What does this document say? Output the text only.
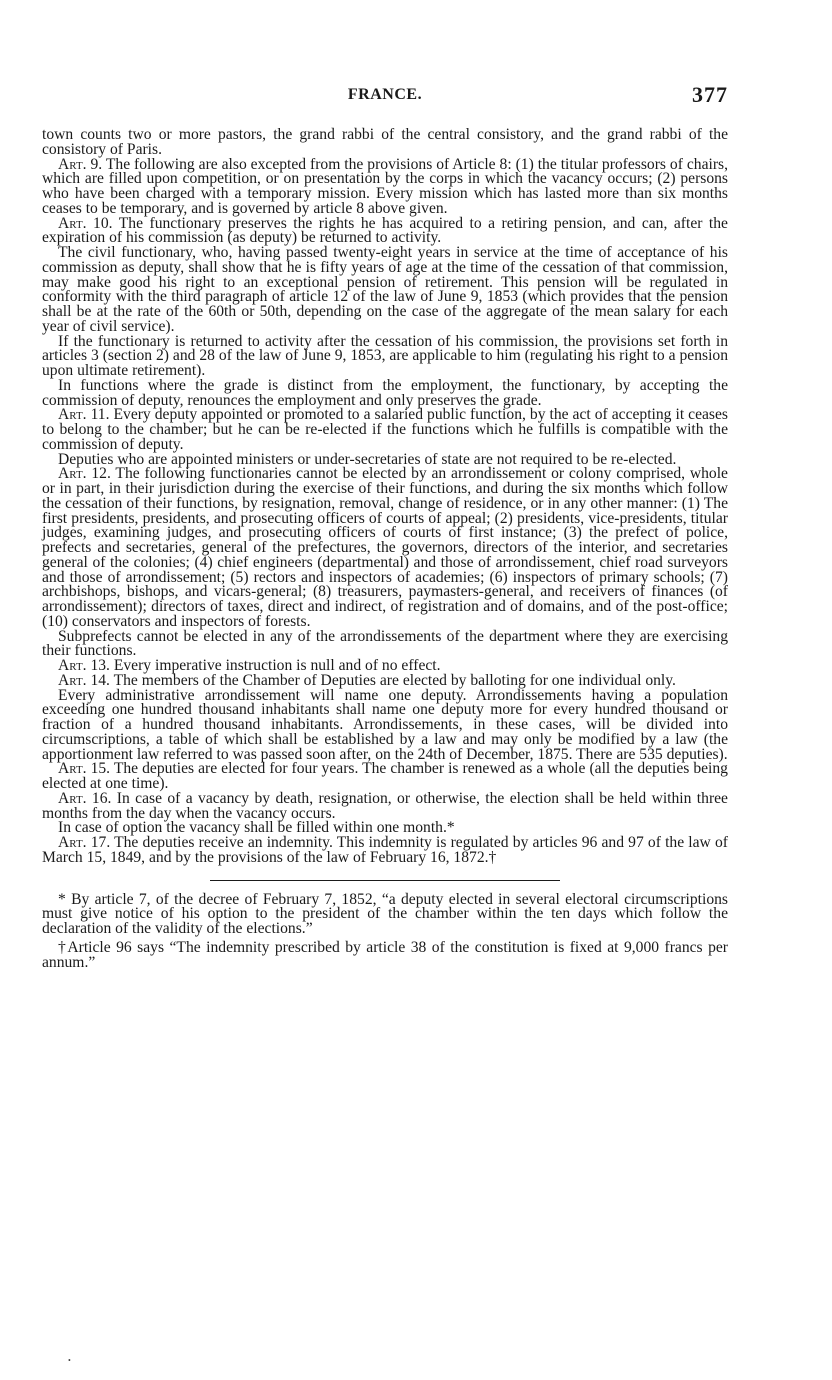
FRANCE.	377

town counts two or more pastors, the grand rabbi of the central consistory, and the grand rabbi of the consistory of Paris.

Art. 9. The following are also excepted from the provisions of Article 8: (1) the titular professors of chairs, which are filled upon competition, or on presentation by the corps in which the vacancy occurs; (2) persons who have been charged with a temporary mission. Every mission which has lasted more than six months ceases to be temporary, and is governed by article 8 above given.

Art. 10. The functionary preserves the rights he has acquired to a retiring pension, and can, after the expiration of his commission (as deputy) be returned to activity.

The civil functionary, who, having passed twenty-eight years in service at the time of acceptance of his commission as deputy, shall show that he is fifty years of age at the time of the cessation of that commission, may make good his right to an exceptional pension of retirement. This pension will be regulated in conformity with the third paragraph of article 12 of the law of June 9, 1853 (which provides that the pension shall be at the rate of the 60th or 50th, depending on the case of the aggregate of the mean salary for each year of civil service).

If the functionary is returned to activity after the cessation of his commission, the provisions set forth in articles 3 (section 2) and 28 of the law of June 9, 1853, are applicable to him (regulating his right to a pension upon ultimate retirement).

In functions where the grade is distinct from the employment, the functionary, by accepting the commission of deputy, renounces the employment and only preserves the grade.

Art. 11. Every deputy appointed or promoted to a salaried public function, by the act of accepting it ceases to belong to the chamber; but he can be re-elected if the functions which he fulfills is compatible with the commission of deputy.

Deputies who are appointed ministers or under-secretaries of state are not required to be re-elected.

Art. 12. The following functionaries cannot be elected by an arrondissement or colony comprised, whole or in part, in their jurisdiction during the exercise of their functions, and during the six months which follow the cessation of their functions, by resignation, removal, change of residence, or in any other manner: (1) The first presidents, presidents, and prosecuting officers of courts of appeal; (2) presidents, vice-presidents, titular judges, examining judges, and prosecuting officers of courts of first instance; (3) the prefect of police, prefects and secretaries, general of the prefectures, the governors, directors of the interior, and secretaries general of the colonies; (4) chief engineers (departmental) and those of arrondissement, chief road surveyors and those of arrondissement; (5) rectors and inspectors of academies; (6) inspectors of primary schools; (7) archbishops, bishops, and vicars-general; (8) treasurers, paymasters-general, and receivers of finances (of arrondissement); directors of taxes, direct and indirect, of registration and of domains, and of the post-office; (10) conservators and inspectors of forests.

Subprefects cannot be elected in any of the arrondissements of the department where they are exercising their functions.

Art. 13. Every imperative instruction is null and of no effect.

Art. 14. The members of the Chamber of Deputies are elected by balloting for one individual only.

Every administrative arrondissement will name one deputy. Arrondissements having a population exceeding one hundred thousand inhabitants shall name one deputy more for every hundred thousand or fraction of a hundred thousand inhabitants. Arrondissements, in these cases, will be divided into circumscriptions, a table of which shall be established by a law and may only be modified by a law (the apportionment law referred to was passed soon after, on the 24th of December, 1875. There are 535 deputies).

Art. 15. The deputies are elected for four years. The chamber is renewed as a whole (all the deputies being elected at one time).

Art. 16. In case of a vacancy by death, resignation, or otherwise, the election shall be held within three months from the day when the vacancy occurs.

In case of option the vacancy shall be filled within one month.*

Art. 17. The deputies receive an indemnity. This indemnity is regulated by articles 96 and 97 of the law of March 15, 1849, and by the provisions of the law of February 16, 1872.†

* By article 7, of the decree of February 7, 1852, “a deputy elected in several electoral circumscriptions must give notice of his option to the president of the chamber within the ten days which follow the declaration of the validity of the elections.”

†Article 96 says “The indemnity prescribed by article 38 of the constitution is fixed at 9,000 francs per annum.”

•
